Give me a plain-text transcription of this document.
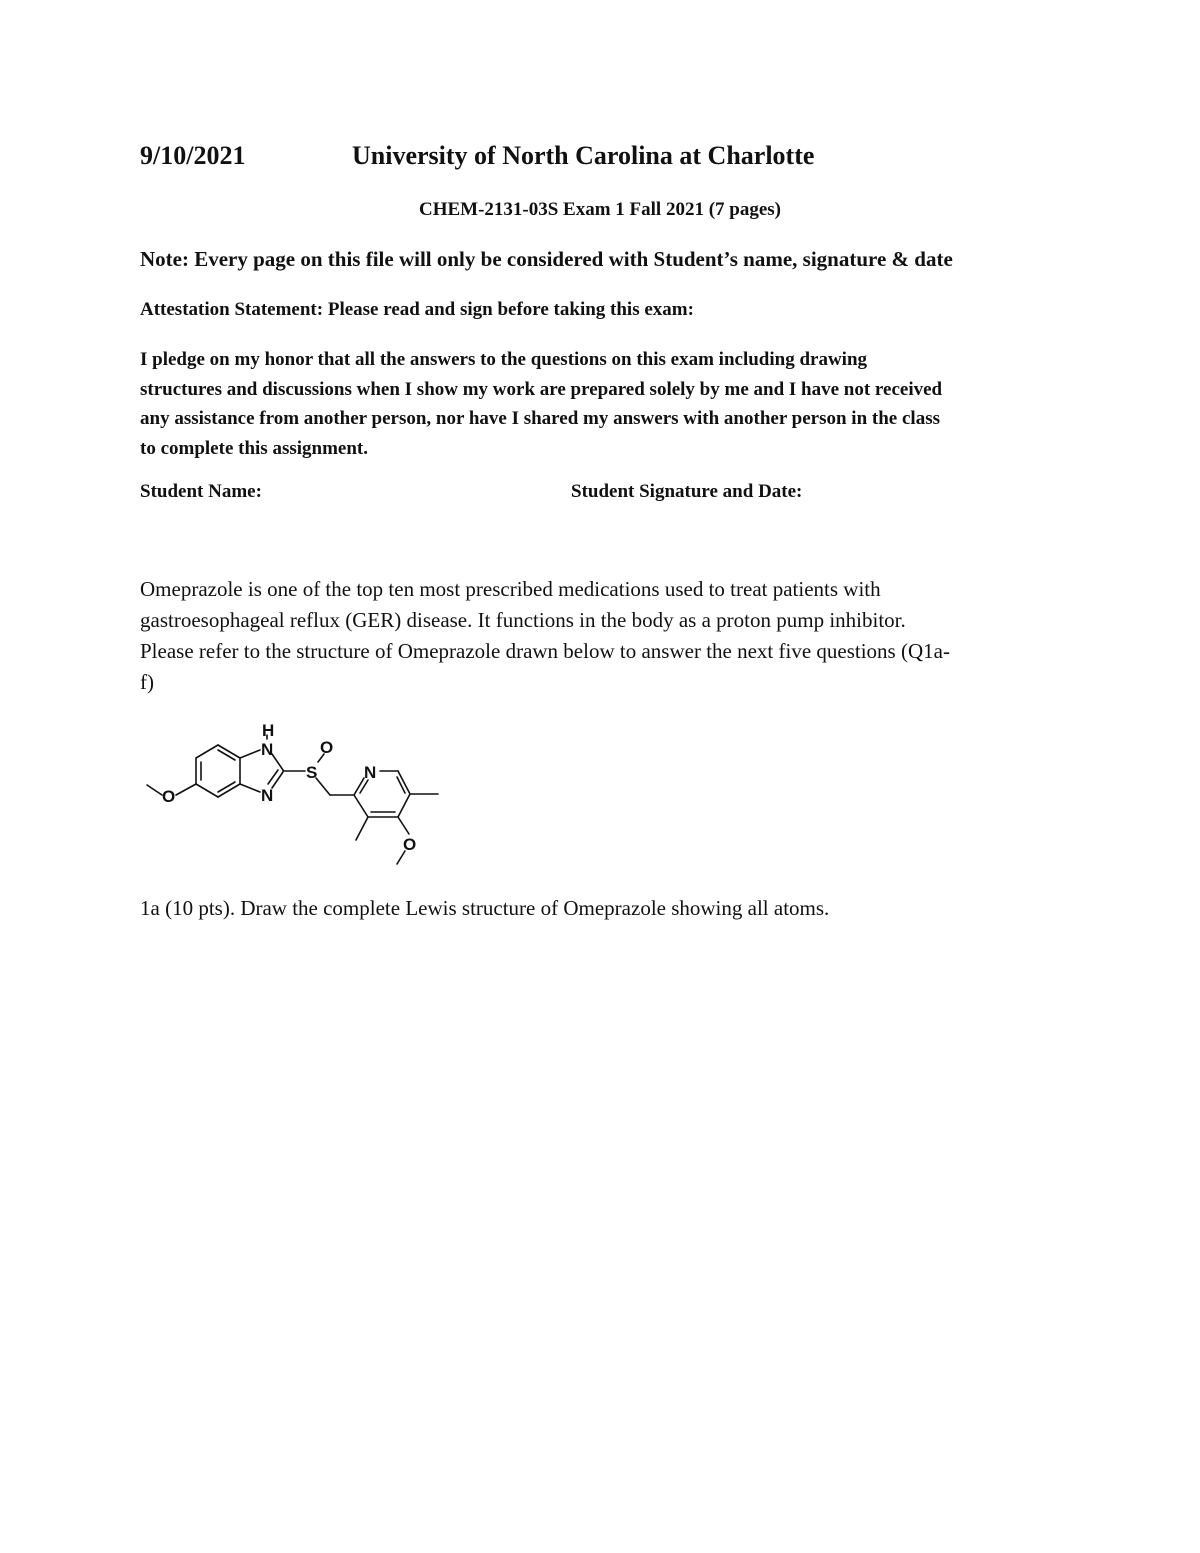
9/10/2021	University of North Carolina at Charlotte
CHEM-2131-03S Exam 1 Fall 2021 (7 pages)
Note: Every page on this file will only be considered with Student’s name, signature & date
Attestation Statement: Please read and sign before taking this exam:
I pledge on my honor that all the answers to the questions on this exam including drawing
structures and discussions when I show my work are prepared solely by me and I have not received
any assistance from another person, nor have I shared my answers with another person in the class
to complete this assignment.
Student Name:	Student Signature and Date:
Omeprazole is one of the top ten most prescribed medications used to treat patients with
gastroesophageal reflux (GER) disease. It functions in the body as a proton pump inhibitor.
Please refer to the structure of Omeprazole drawn below to answer the next five questions (Q1a-
f)
H
N
N
S
O
N
O
O
1a (10 pts). Draw the complete Lewis structure of Omeprazole showing all atoms.
